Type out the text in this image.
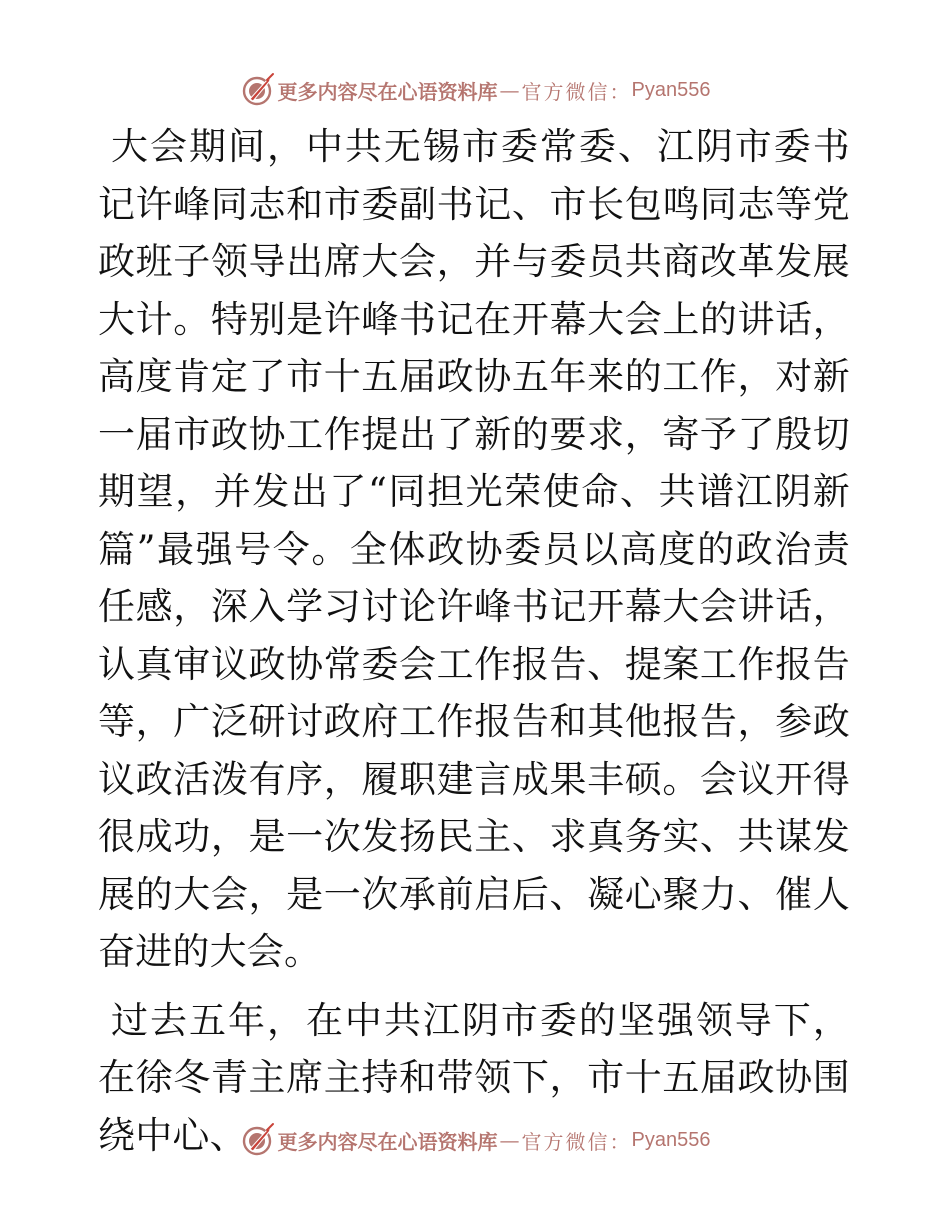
更多内容尽在心语资料库 — 官方微信： Pyan556

大会期间，中共无锡市委常委、江阴市委书记许峰同志和市委副书记、市长包鸣同志等党政班子领导出席大会，并与委员共商改革发展大计。特别是许峰书记在开幕大会上的讲话，高度肯定了市十五届政协五年来的工作，对新一届市政协工作提出了新的要求，寄予了殷切期望，并发出了“同担光荣使命、共谱江阴新篇”最强号令。全体政协委员以高度的政治责任感，深入学习讨论许峰书记开幕大会讲话，认真审议政协常委会工作报告、提案工作报告等，广泛研讨政府工作报告和其他报告，参政议政活泼有序，履职建言成果丰硕。会议开得很成功，是一次发扬民主、求真务实、共谋发展的大会，是一次承前启后、凝心聚力、催人奋进的大会。

过去五年，在中共江阴市委的坚强领导下，在徐冬青主席主持和带领下，市十五届政协围绕中心、	更多内容尽在心语资料库 — 官方微信： Pyan556
